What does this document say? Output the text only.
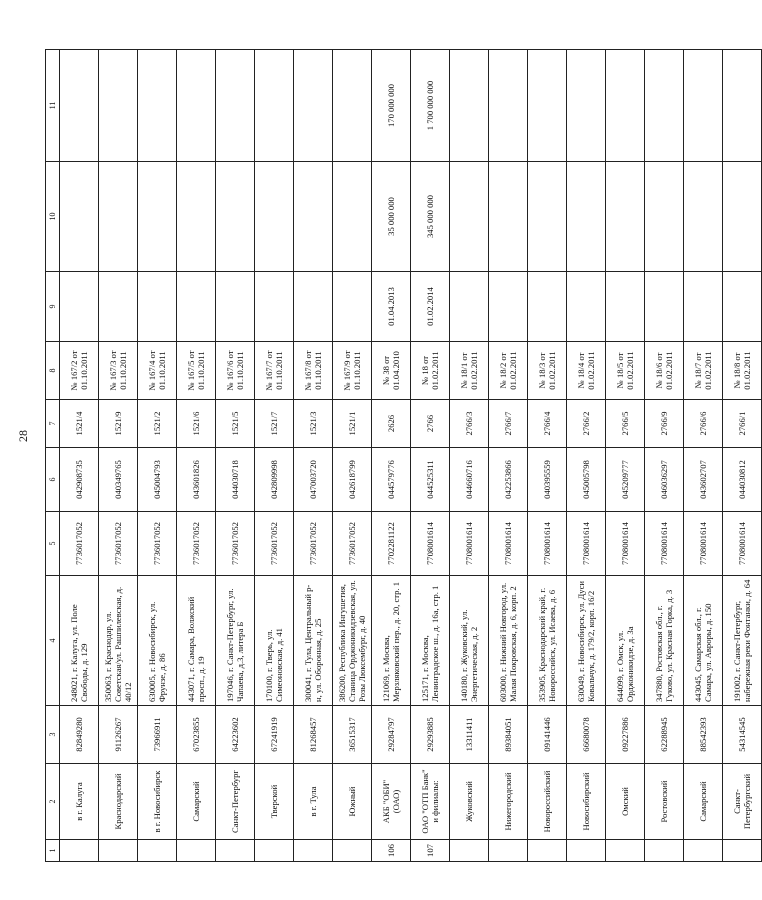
28
1	2	3	4	5	6	7	8	9	10	11
	в г. Калуга	82849280	248021, г. Калуга, ул. Поле Свободы, д. 129	7736017052	042908735	1521/4	№ 167/2 от 01.10.2011			
	Краснодарский	91126267	350063, г. Краснодар, ул. Советская/ул. Рашпилевская, д. 40/12	7736017052	040349765	1521/9	№ 167/3 от 01.10.2011			
	в г. Новосибирск	73966911	630005, г. Новосибирск, ул. Фрунзе, д. 86	7736017052	045004793	1521/2	№ 167/4 от 01.10.2011			
	Самарский	67023855	443071, г. Самара, Волжский просп., д. 19	7736017052	043601826	1521/6	№ 167/5 от 01.10.2011			
	Санкт-Петербург	64223602	197046, г. Санкт-Петербург, ул. Чапаева, д.3, литера Б	7736017052	044030718	1521/5	№ 167/6 от 01.10.2011			
	Тверской	67241919	170100, г. Тверь, ул. Симеоновская, д. 41	7736017052	042809998	1521/7	№ 167/7 от 01.10.2011			
	в г. Тула	81268457	300041, г. Тула, Центральный р-н, ул. Оборонная, д. 25	7736017052	047003720	1521/3	№ 167/8 от 01.10.2011			
	Южный	36515317	386200, Республика Ингушетия, Станица Орджоникидзевская, ул. Розы Люксембург, д. 40	7736017052	042618799	1521/1	№ 167/9 от 01.10.2011			
106	АКБ "ОБИ" (ОАО)	29284797	121069, г. Москва, Мерзляковский пер., д. 20, стр. 1	7702281122	044579776	2626	№ 38 от 01.04.2010	01.04.2013	35 000 000	170 000 000
107	ОАО "ОТП Банк" и филиалы:	29293885	125171, г. Москва, Ленинградское ш., д. 16а, стр. 1	7708001614	044525311	2766	№ 18 от 01.02.2011	01.02.2014	345 000 000	1 700 000 000
	Жуковский	13311411	140180, г. Жуковский, ул. Энергетическая, д. 2	7708001614	044660716	2766/3	№ 18/1 от 01.02.2011			
	Нижегородский	89384051	603000, г. Нижний Новгород, ул. Малая Покровская, д. 6, корп. 2	7708001614	042253866	2766/7	№ 18/2 от 01.02.2011			
	Новороссийский	09141446	353905, Краснодарский край, г. Новороссийск, ул. Исаева, д. 6	7708001614	040395559	2766/4	№ 18/3 от 01.02.2011			
	Новосибирский	66680078	630049, г. Новосибирск, ул. Дуси Ковальчук, д. 179/2, корп. 16/2	7708001614	045005798	2766/2	№ 18/4 от 01.02.2011			
	Омский	09227886	644099, г. Омск, ул. Орджоникидзе, д. 3а	7708001614	045209777	2766/5	№ 18/5 от 01.02.2011			
	Ростовский	62288945	347880, Ростовская обл., г. Гуково, ул. Красная Горка, д. 3	7708001614	046036297	2766/9	№ 18/6 от 01.02.2011			
	Самарский	88542393	443045, Самарская обл., г. Самара, ул. Авроры, д. 150	7708001614	043602707	2766/6	№ 18/7 от 01.02.2011			
	Санкт-Петербургский	54314545	191002, г. Санкт-Петербург, набережная реки Фонтанки, д. 64	7708001614	044030812	2766/1	№ 18/8 от 01.02.2011			
